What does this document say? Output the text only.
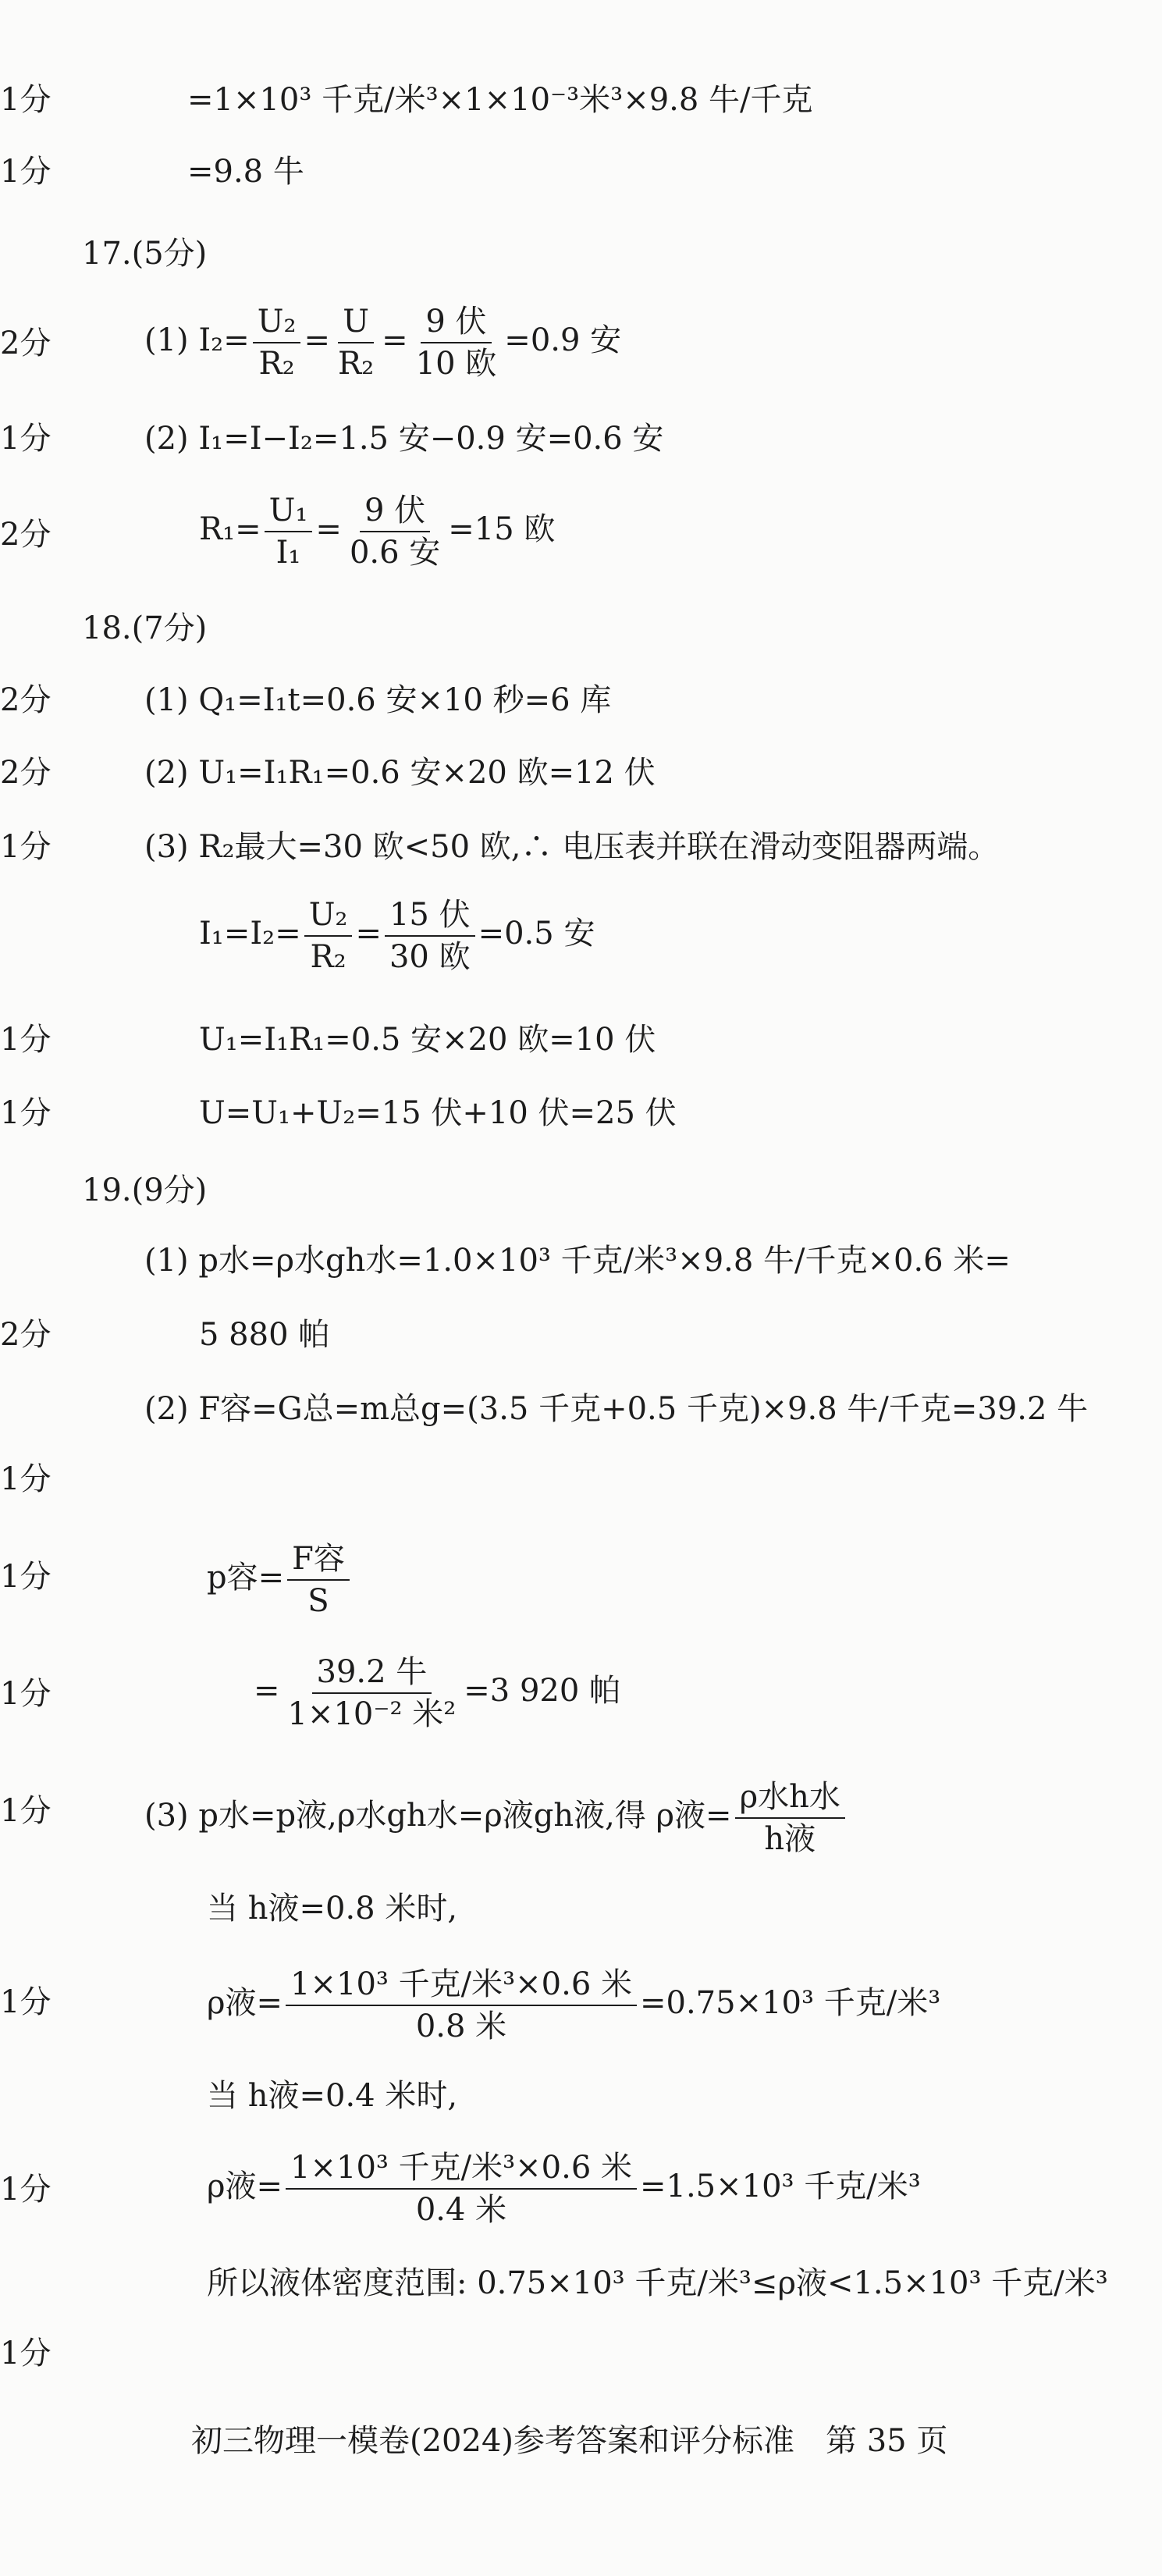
=1×10³ 千克/米³×1×10⁻³米³×9.8 牛/千克
1分
=9.8 牛
1分
17.(5分)
(1) $I_2= \frac{\text{U₂}}{\text{R₂}} = \frac{U}{\text{R₂}} = \frac{\text{9 伏}}{\text{10 欧}} =0.9$ 安
2分
(2) I₁=I−I₂=1.5 安−0.9 安=0.6 安
1分
$R_1= \frac{\text{U₁}}{\text{I₁}} = \frac{\text{9 伏}}{\text{0.6 安}} =15$ 欧
2分
18.(7分)
(1) Q₁=I₁t=0.6 安×10 秒=6 库
2分
(2) U₁=I₁R₁=0.6 安×20 欧=12 伏
2分
(3) R₂最大=30 欧<50 欧,∴ 电压表并联在滑动变阻器两端。
1分
$I_1=I_2= \frac{\text{U₂}}{\text{R₂}} = \frac{\text{15 伏}}{\text{30 欧}} =0.5$ 安
U₁=I₁R₁=0.5 安×20 欧=10 伏
1分
U=U₁+U₂=15 伏+10 伏=25 伏
1分
19.(9分)
(1) p水=ρ水gh水=1.0×10³ 千克/米³×9.8 牛/千克×0.6 米=
5 880 帕
2分
(2) F容=G总=m总g=(3.5 千克+0.5 千克)×9.8 牛/千克=39.2 牛
1分
p容= $\frac{\text{F容}}{S}$
1分
= $\frac{\text{39.2 牛}}{\text{1×10⁻² 米²}} =3$ 920 帕
1分
(3) p水=p液,ρ水gh水=ρ液gh液,得 ρ液= $\frac{\text{ρ水h水}}{\text{h液}}$
1分
当 h液=0.8 米时,
ρ液= $\frac{\text{1×10³ 千克/米³×0.6 米}}{\text{0.8 米}} =0.75\times 10^3$ 千克/米³
1分
当 h液=0.4 米时,
ρ液= $\frac{\text{1×10³ 千克/米³×0.6 米}}{\text{0.4 米}} =1.5\times 10^3$ 千克/米³
1分
所以液体密度范围: 0.75×10³ 千克/米³≤ρ液<1.5×10³ 千克/米³
1分
初三物理一模卷(2024)参考答案和评分标准　第 35 页
